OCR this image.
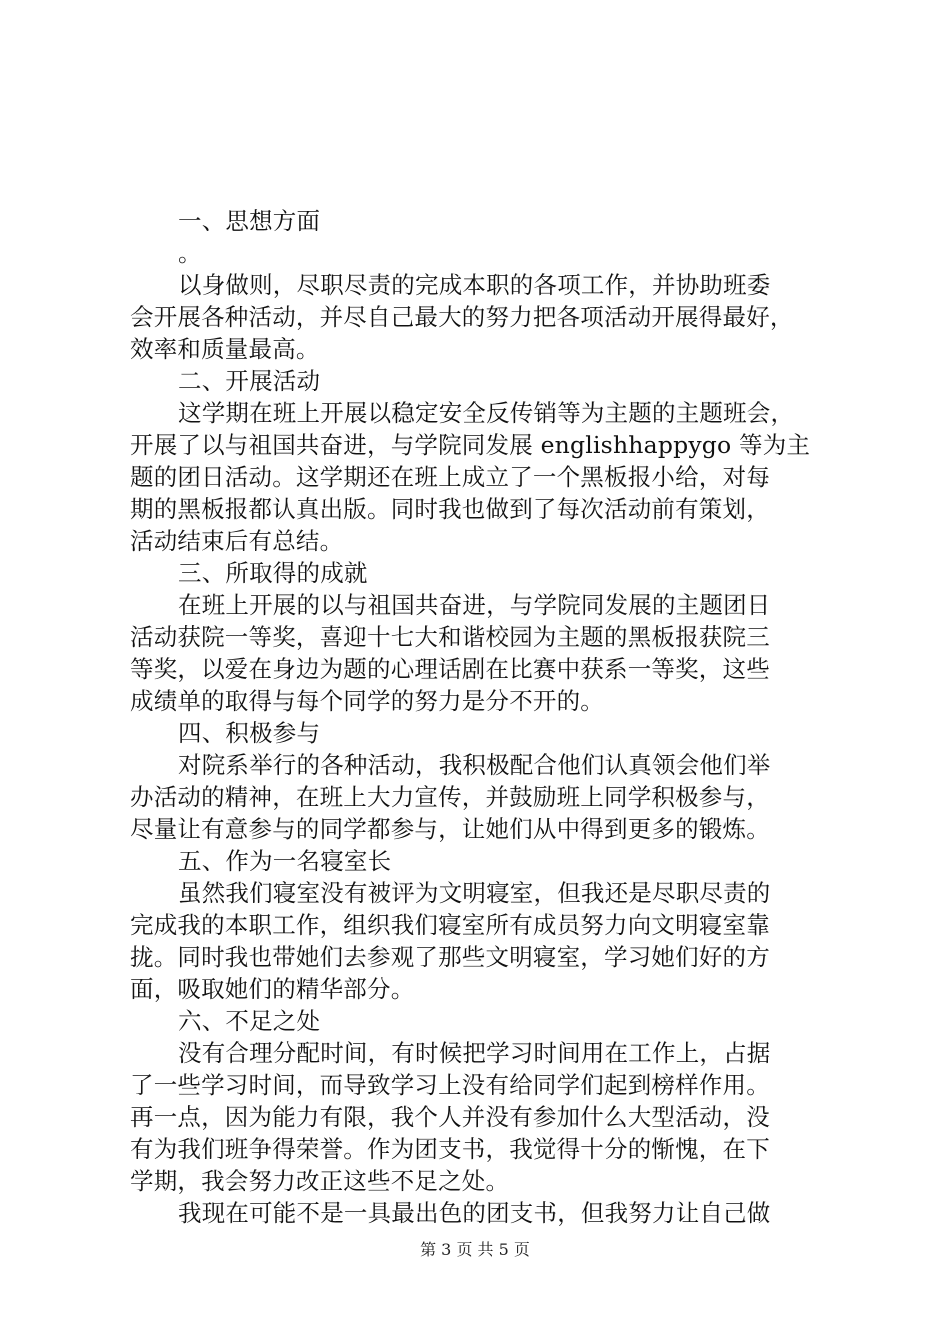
一、思想方面
。
以身做则，尽职尽责的完成本职的各项工作，并协助班委
会开展各种活动，并尽自己最大的努力把各项活动开展得最好，
效率和质量最高。
二、开展活动
这学期在班上开展以稳定安全反传销等为主题的主题班会，
开展了以与祖国共奋进，与学院同发展 englishhappygo 等为主
题的团日活动。这学期还在班上成立了一个黑板报小给，对每
期的黑板报都认真出版。同时我也做到了每次活动前有策划，
活动结束后有总结。
三、所取得的成就
在班上开展的以与祖国共奋进，与学院同发展的主题团日
活动获院一等奖，喜迎十七大和谐校园为主题的黑板报获院三
等奖，以爱在身边为题的心理话剧在比赛中获系一等奖，这些
成绩单的取得与每个同学的努力是分不开的。
四、积极参与
对院系举行的各种活动，我积极配合他们认真领会他们举
办活动的精神，在班上大力宣传，并鼓励班上同学积极参与，
尽量让有意参与的同学都参与，让她们从中得到更多的锻炼。
五、作为一名寝室长
虽然我们寝室没有被评为文明寝室，但我还是尽职尽责的
完成我的本职工作，组织我们寝室所有成员努力向文明寝室靠
拢。同时我也带她们去参观了那些文明寝室，学习她们好的方
面，吸取她们的精华部分。
六、不足之处
没有合理分配时间，有时候把学习时间用在工作上，占据
了一些学习时间，而导致学习上没有给同学们起到榜样作用。
再一点，因为能力有限，我个人并没有参加什么大型活动，没
有为我们班争得荣誉。作为团支书，我觉得十分的惭愧，在下
学期，我会努力改正这些不足之处。
我现在可能不是一具最出色的团支书，但我努力让自己做
第 3 页 共 5 页
